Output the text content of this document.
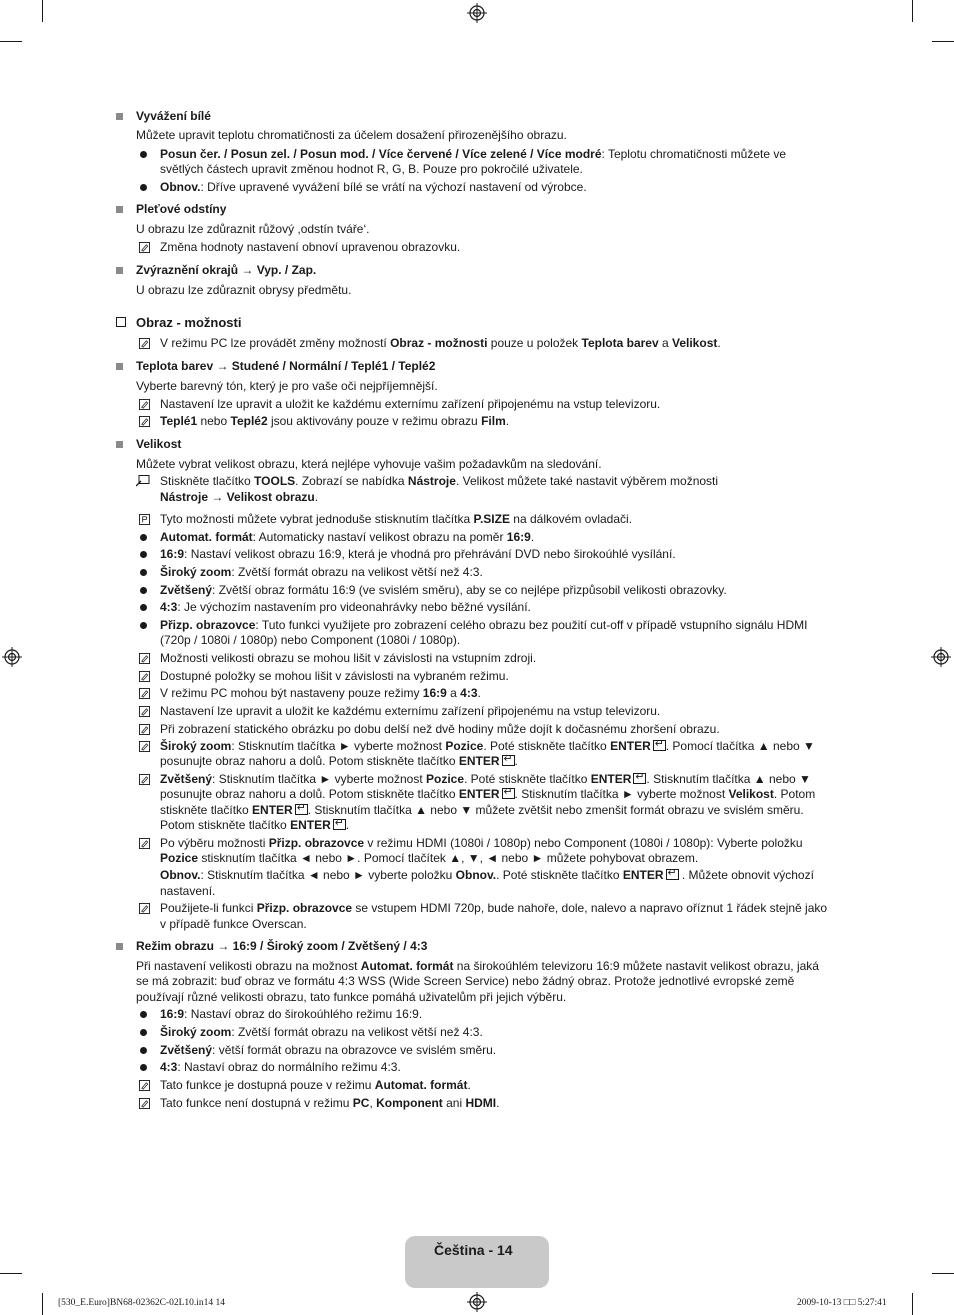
Vyvážení bílé
Můžete upravit teplotu chromatičnosti za účelem dosažení přirozenějšího obrazu.
Posun čer. / Posun zel. / Posun mod. / Více červené / Více zelené / Více modré: Teplotu chromatičnosti můžete ve
světlých částech upravit změnou hodnot R, G, B. Pouze pro pokročilé uživatele.
Obnov.: Dříve upravené vyvážení bílé se vrátí na výchozí nastavení od výrobce.
Pleťové odstíny
U obrazu lze zdůraznit růžový ,odstín tváře‘.
Změna hodnoty nastavení obnoví upravenou obrazovku.
Zvýraznění okrajů → Vyp. / Zap.
U obrazu lze zdůraznit obrysy předmětu.
Obraz - možnosti
V režimu PC lze provádět změny možností Obraz - možnosti pouze u položek Teplota barev a Velikost.
Teplota barev → Studené / Normální / Teplé1 / Teplé2
Vyberte barevný tón, který je pro vaše oči nejpříjemnější.
Nastavení lze upravit a uložit ke každému externímu zařízení připojenému na vstup televizoru.
Teplé1 nebo Teplé2 jsou aktivovány pouze v režimu obrazu Film.
Velikost
Můžete vybrat velikost obrazu, která nejlépe vyhovuje vašim požadavkům na sledování.
Stiskněte tlačítko TOOLS. Zobrazí se nabídka Nástroje. Velikost můžete také nastavit výběrem možnosti
Nástroje → Velikost obrazu.
Tyto možnosti můžete vybrat jednoduše stisknutím tlačítka P.SIZE na dálkovém ovladači.
Automat. formát: Automaticky nastaví velikost obrazu na poměr 16:9.
16:9: Nastaví velikost obrazu 16:9, která je vhodná pro přehrávání DVD nebo širokoúhlé vysílání.
Široký zoom: Zvětší formát obrazu na velikost větší než 4:3.
Zvětšený: Zvětší obraz formátu 16:9 (ve svislém směru), aby se co nejlépe přizpůsobil velikosti obrazovky.
4:3: Je výchozím nastavením pro videonahrávky nebo běžné vysílání.
Přizp. obrazovce: Tuto funkci využijete pro zobrazení celého obrazu bez použití cut-off v případě vstupního signálu HDMI
(720p / 1080i / 1080p) nebo Component (1080i / 1080p).
Možnosti velikosti obrazu se mohou lišit v závislosti na vstupním zdroji.
Dostupné položky se mohou lišit v závislosti na vybraném režimu.
V režimu PC mohou být nastaveny pouze režimy 16:9 a 4:3.
Nastavení lze upravit a uložit ke každému externímu zařízení připojenému na vstup televizoru.
Při zobrazení statického obrázku po dobu delší než dvě hodiny může dojít k dočasnému zhoršení obrazu.
Široký zoom: Stisknutím tlačítka ► vyberte možnost Pozice. Poté stiskněte tlačítko ENTER ↵ . Pomocí tlačítka ▲ nebo ▼
posunujte obraz nahoru a dolů. Potom stiskněte tlačítko ENTER ↵ .
Zvětšený: Stisknutím tlačítka ► vyberte možnost Pozice. Poté stiskněte tlačítko ENTER ↵ . Stisknutím tlačítka ▲ nebo ▼
posunujte obraz nahoru a dolů. Potom stiskněte tlačítko ENTER ↵ . Stisknutím tlačítka ► vyberte možnost Velikost. Potom
stiskněte tlačítko ENTER ↵ . Stisknutím tlačítka ▲ nebo ▼ můžete zvětšit nebo zmenšit formát obrazu ve svislém směru.
Potom stiskněte tlačítko ENTER ↵ .
Po výběru možnosti Přizp. obrazovce v režimu HDMI (1080i / 1080p) nebo Component (1080i / 1080p): Vyberte položku
Pozice stisknutím tlačítka ◄ nebo ►. Pomocí tlačítek ▲, ▼, ◄ nebo ► můžete pohybovat obrazem.
Obnov.: Stisknutím tlačítka ◄ nebo ► vyberte položku Obnov.. Poté stiskněte tlačítko ENTER↵ . Můžete obnovit výchozí
nastavení.
Použijete-li funkci Přizp. obrazovce se vstupem HDMI 720p, bude nahoře, dole, nalevo a napravo oříznut 1 řádek stejně jako
v případě funkce Overscan.
Režim obrazu → 16:9 / Široký zoom / Zvětšený / 4:3
Při nastavení velikosti obrazu na možnost Automat. formát na širokoúhlém televizoru 16:9 můžete nastavit velikost obrazu, jaká
se má zobrazit: buď obraz ve formátu 4:3 WSS (Wide Screen Service) nebo žádný obraz. Protože jednotlivé evropské země
používají různé velikosti obrazu, tato funkce pomáhá uživatelům při jejich výběru.
16:9: Nastaví obraz do širokoúhlého režimu 16:9.
Široký zoom: Zvětší formát obrazu na velikost větší než 4:3.
Zvětšený: větší formát obrazu na obrazovce ve svislém směru.
4:3: Nastaví obraz do normálního režimu 4:3.
Tato funkce je dostupná pouze v režimu Automat. formát.
Tato funkce není dostupná v režimu PC, Komponent ani HDMI.
Čeština - 14
[530_E.Euro]BN68-02362C-02L10.in14 14	2009-10-13 □□ 5:27:41
